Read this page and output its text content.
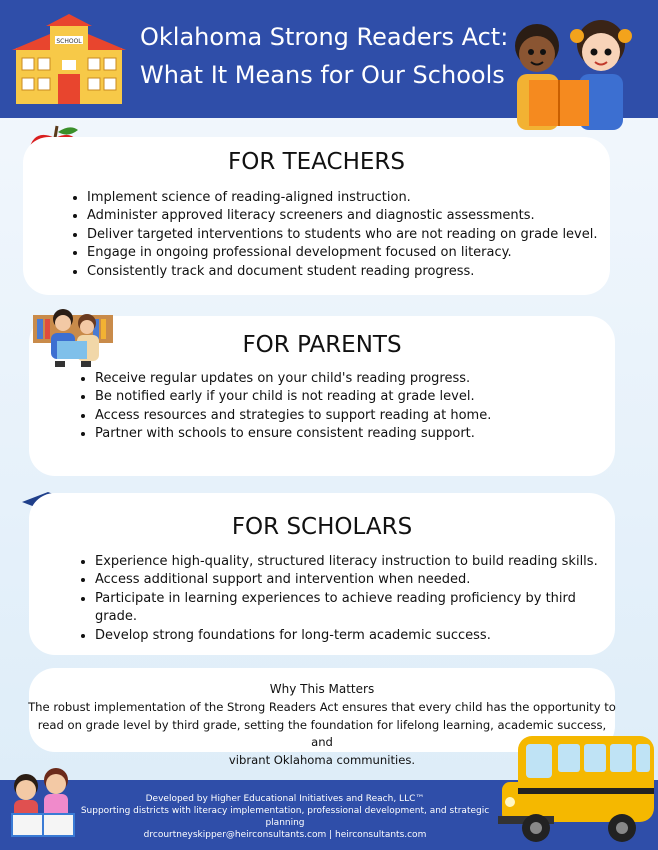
SCHOOL Oklahoma Strong Readers Act:
What It Means for Our Schools
FOR TEACHERS
• Implement science of reading-aligned instruction.
• Administer approved literacy screeners and diagnostic assessments.
• Deliver targeted interventions to students who are not reading on grade level.
• Engage in ongoing professional development focused on literacy.
• Consistently track and document student reading progress.
FOR PARENTS
• Receive regular updates on your child's reading progress.
• Be notified early if your child is not reading at grade level.
• Access resources and strategies to support reading at home.
• Partner with schools to ensure consistent reading support.
FOR SCHOLARS
• Experience high-quality, structured literacy instruction to build reading skills.
• Access additional support and intervention when needed.
• Participate in learning experiences to achieve reading proficiency by third grade.
• Develop strong foundations for long-term academic success.
Why This Matters
The robust implementation of the Strong Readers Act ensures that every child has the opportunity to
read on grade level by third grade, setting the foundation for lifelong learning, academic success, and
vibrant Oklahoma communities.
Developed by Higher Educational Initiatives and Reach, LLC™
Supporting districts with literacy implementation, professional development, and strategic planning
drcourtneyskipper@heirconsultants.com | heirconsultants.com
